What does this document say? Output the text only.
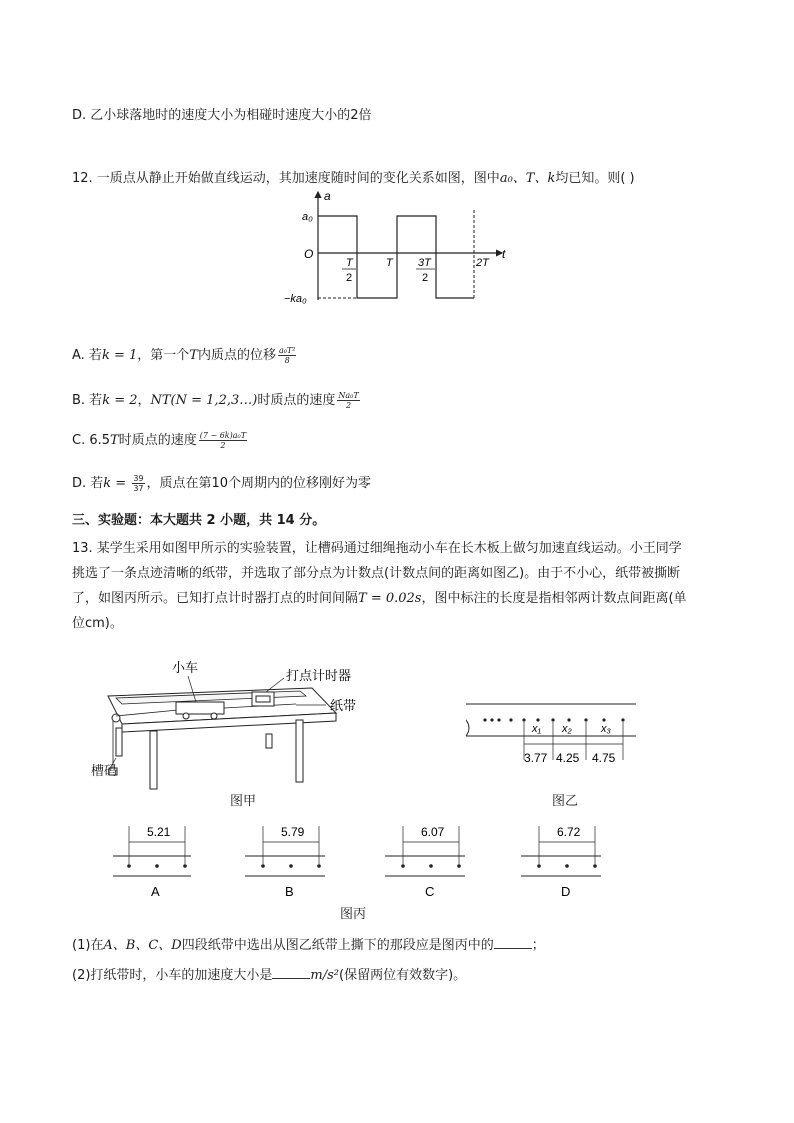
D. 乙小球落地时的速度大小为相碰时速度大小的2倍
12. 一质点从静止开始做直线运动，其加速度随时间的变化关系如图，图中a₀、T、k均已知。则( )
a
t
O
a₀
−ka₀
T
2
T 3T
2
2T
A. 若k = 1，第一个T内质点的位移 $\frac{\text{a₀T²}}{8}$
B. 若k = 2，NT(N = 1,2,3…)时质点的速度 $\frac{\text{Na₀T}}{2}$
C. 6.5T时质点的速度 $\frac{\text{(7 − 6k)a₀T}}{2}$
D. 若$k = \frac{39}{37}$ ，质点在第10个周期内的位移刚好为零
三、实验题：本大题共 2 小题，共 14 分。
13. 某学生采用如图甲所示的实验装置，让槽码通过细绳拖动小车在长木板上做匀加速直线运动。小王同学
挑选了一条点迹清晰的纸带，并选取了部分点为计数点(计数点间的距离如图乙)。由于不小心，纸带被撕断
了，如图丙所示。已知打点计时器打点的时间间隔T = 0.02s，图中标注的长度是指相邻两计数点间距离(单
位cm)。
小车
打点计时器
纸带
槽码
图甲
x₁ x₂	x₃
3.77 4.25 4.75
图乙
5.21
A
5.79
B
6.07
C
6.72
D
图丙
(1)在A、B、C、D四段纸带中选出从图乙纸带上撕下的那段应是图丙中的	；
(2)打纸带时，小车的加速度大小是	m/s²(保留两位有效数字)。
